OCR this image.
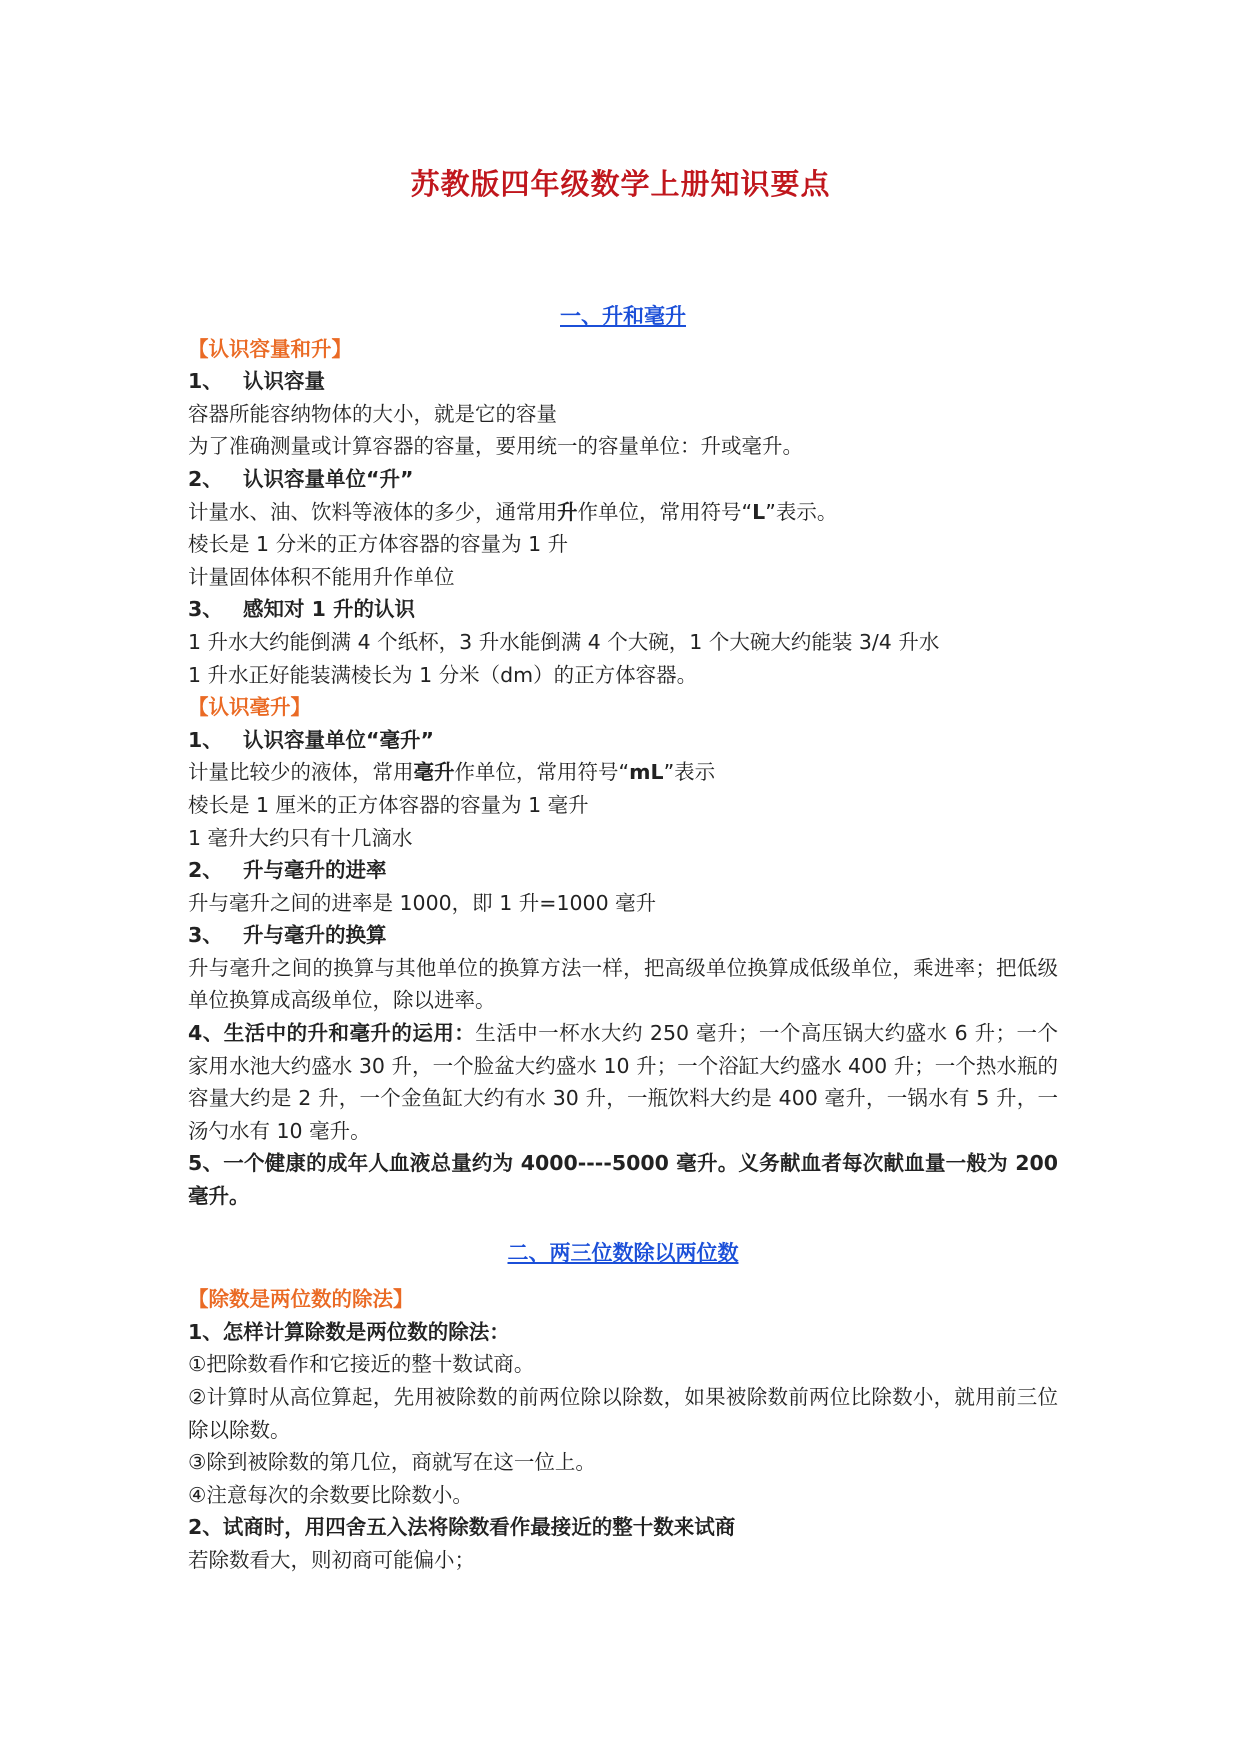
苏教版四年级数学上册知识要点
一、升和毫升
【认识容量和升】
1、 认识容量
容器所能容纳物体的大小，就是它的容量
为了准确测量或计算容器的容量，要用统一的容量单位：升或毫升。
2、 认识容量单位“升”
计量水、油、饮料等液体的多少，通常用升作单位，常用符号“L”表示。
棱长是 1 分米的正方体容器的容量为 1 升
计量固体体积不能用升作单位
3、 感知对 1 升的认识
1 升水大约能倒满 4 个纸杯，3 升水能倒满 4 个大碗，1 个大碗大约能装 3/4 升水
1 升水正好能装满棱长为 1 分米（dm）的正方体容器。
【认识毫升】
1、 认识容量单位“毫升”
计量比较少的液体，常用毫升作单位，常用符号“mL”表示
棱长是 1 厘米的正方体容器的容量为 1 毫升
1 毫升大约只有十几滴水
2、 升与毫升的进率
升与毫升之间的进率是 1000，即 1 升=1000 毫升
3、 升与毫升的换算
升与毫升之间的换算与其他单位的换算方法一样，把高级单位换算成低级单位，乘进率；把低级单位换算成高级单位，除以进率。
4、生活中的升和毫升的运用：生活中一杯水大约 250 毫升；一个高压锅大约盛水 6 升；一个家用水池大约盛水 30 升，一个脸盆大约盛水 10 升；一个浴缸大约盛水 400 升；一个热水瓶的容量大约是 2 升，一个金鱼缸大约有水 30 升，一瓶饮料大约是 400 毫升，一锅水有 5 升，一汤勺水有 10 毫升。
5、一个健康的成年人血液总量约为 4000----5000 毫升。义务献血者每次献血量一般为 200 毫升。
二、两三位数除以两位数
【除数是两位数的除法】
1、怎样计算除数是两位数的除法：
①把除数看作和它接近的整十数试商。
②计算时从高位算起，先用被除数的前两位除以除数，如果被除数前两位比除数小，就用前三位除以除数。
③除到被除数的第几位，商就写在这一位上。
④注意每次的余数要比除数小。
2、试商时，用四舍五入法将除数看作最接近的整十数来试商
若除数看大，则初商可能偏小；
